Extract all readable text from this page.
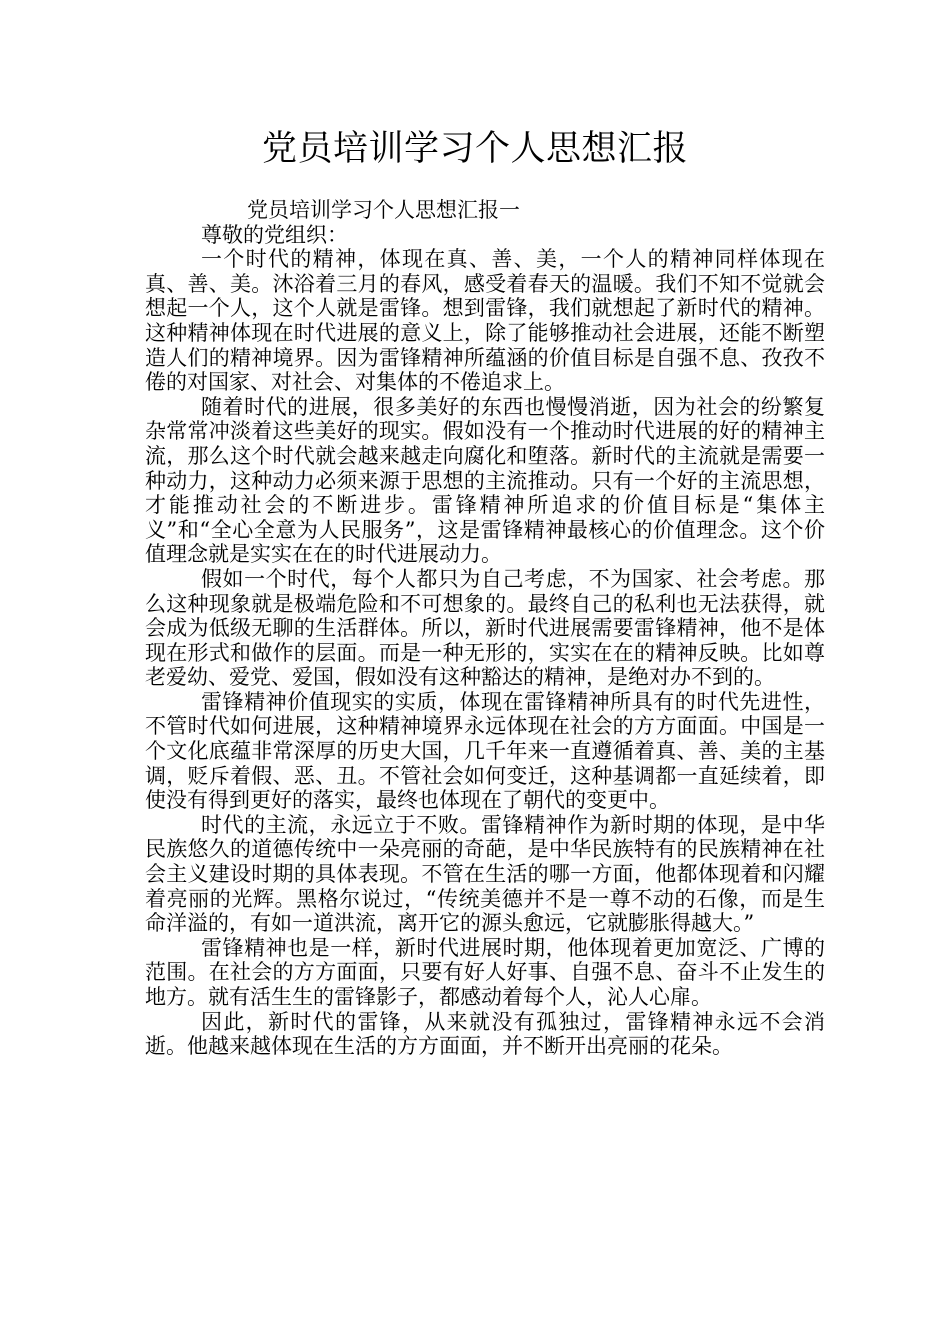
党员培训学习个人思想汇报

党员培训学习个人思想汇报一

尊敬的党组织：

一个时代的精神，体现在真、善、美，一个人的精神同样体现在真、善、美。沐浴着三月的春风，感受着春天的温暖。我们不知不觉就会想起一个人，这个人就是雷锋。想到雷锋，我们就想起了新时代的精神。这种精神体现在时代进展的意义上，除了能够推动社会进展，还能不断塑造人们的精神境界。因为雷锋精神所蕴涵的价值目标是自强不息、孜孜不倦的对国家、对社会、对集体的不倦追求上。

随着时代的进展，很多美好的东西也慢慢消逝，因为社会的纷繁复杂常常冲淡着这些美好的现实。假如没有一个推动时代进展的好的精神主流，那么这个时代就会越来越走向腐化和堕落。新时代的主流就是需要一种动力，这种动力必须来源于思想的主流推动。只有一个好的主流思想，才能推动社会的不断进步。雷锋精神所追求的价值目标是“集体主义”和“全心全意为人民服务”，这是雷锋精神最核心的价值理念。这个价值理念就是实实在在的时代进展动力。

假如一个时代，每个人都只为自己考虑，不为国家、社会考虑。那么这种现象就是极端危险和不可想象的。最终自己的私利也无法获得，就会成为低级无聊的生活群体。所以，新时代进展需要雷锋精神，他不是体现在形式和做作的层面。而是一种无形的，实实在在的精神反映。比如尊老爱幼、爱党、爱国，假如没有这种豁达的精神，是绝对办不到的。

雷锋精神价值现实的实质，体现在雷锋精神所具有的时代先进性，不管时代如何进展，这种精神境界永远体现在社会的方方面面。中国是一个文化底蕴非常深厚的历史大国，几千年来一直遵循着真、善、美的主基调，贬斥着假、恶、丑。不管社会如何变迁，这种基调都一直延续着，即使没有得到更好的落实，最终也体现在了朝代的变更中。

时代的主流，永远立于不败。雷锋精神作为新时期的体现，是中华民族悠久的道德传统中一朵亮丽的奇葩，是中华民族特有的民族精神在社会主义建设时期的具体表现。不管在生活的哪一方面，他都体现着和闪耀着亮丽的光辉。黑格尔说过，“传统美德并不是一尊不动的石像，而是生命洋溢的，有如一道洪流，离开它的源头愈远，它就膨胀得越大。”

雷锋精神也是一样，新时代进展时期，他体现着更加宽泛、广博的范围。在社会的方方面面，只要有好人好事、自强不息、奋斗不止发生的地方。就有活生生的雷锋影子，都感动着每个人，沁人心扉。

因此，新时代的雷锋，从来就没有孤独过，雷锋精神永远不会消逝。他越来越体现在生活的方方面面，并不断开出亮丽的花朵。
